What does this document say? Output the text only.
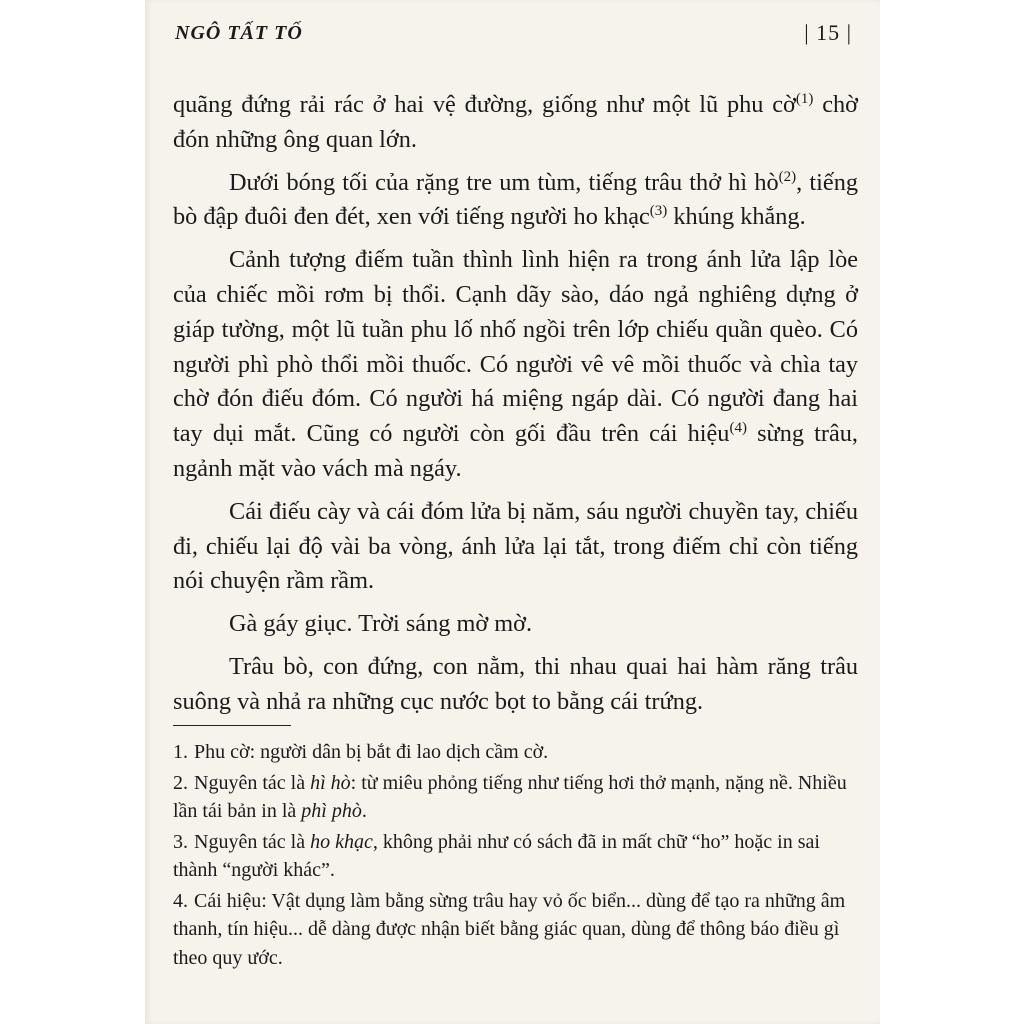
NGÔ TẤT TỐ	| 15 |

quãng đứng rải rác ở hai vệ đường, giống như một lũ phu cờ$^{(1)}$ chờ đón những ông quan lớn.

Dưới bóng tối của rặng tre um tùm, tiếng trâu thở hì $hò^{(2)}$, tiếng bò đập đuôi đen đét, xen với tiếng người ho khạc$^{(3)}$ khúng khắng.

Cảnh tượng điếm tuần thình lình hiện ra trong ánh lửa lập lòe của chiếc mồi rơm bị thổi. Cạnh dãy sào, dáo ngả nghiêng dựng ở giáp tường, một lũ tuần phu lố nhố ngồi trên lớp chiếu quần quèo. Có người phì phò thổi mồi thuốc. Có người vê vê mồi thuốc và chìa tay chờ đón điếu đóm. Có người há miệng ngáp dài. Có người đang hai tay dụi mắt. Cũng có người còn gối đầu trên cái hiệu$^{(4)}$ sừng trâu, ngảnh mặt vào vách mà ngáy.

Cái điếu cày và cái đóm lửa bị năm, sáu người chuyền tay, chiếu đi, chiếu lại độ vài ba vòng, ánh lửa lại tắt, trong điếm chỉ còn tiếng nói chuyện rầm rầm.

Gà gáy giục. Trời sáng mờ mờ.

Trâu bò, con đứng, con nằm, thi nhau quai hai hàm răng trâu suông và nhả ra những cục nước bọt to bằng cái trứng.

1. Phu cờ: người dân bị bắt đi lao dịch cầm cờ.

2. Nguyên tác là hì hò: từ miêu phỏng tiếng như tiếng hơi thở mạnh, nặng nề. Nhiều lần tái bản in là phì phò.

3. Nguyên tác là ho khạc, không phải như có sách đã in mất chữ “ho” hoặc in sai thành “người khác”.

4. Cái hiệu: Vật dụng làm bằng sừng trâu hay vỏ ốc biển... dùng để tạo ra những âm thanh, tín hiệu... dễ dàng được nhận biết bằng giác quan, dùng để thông báo điều gì theo quy ước.
